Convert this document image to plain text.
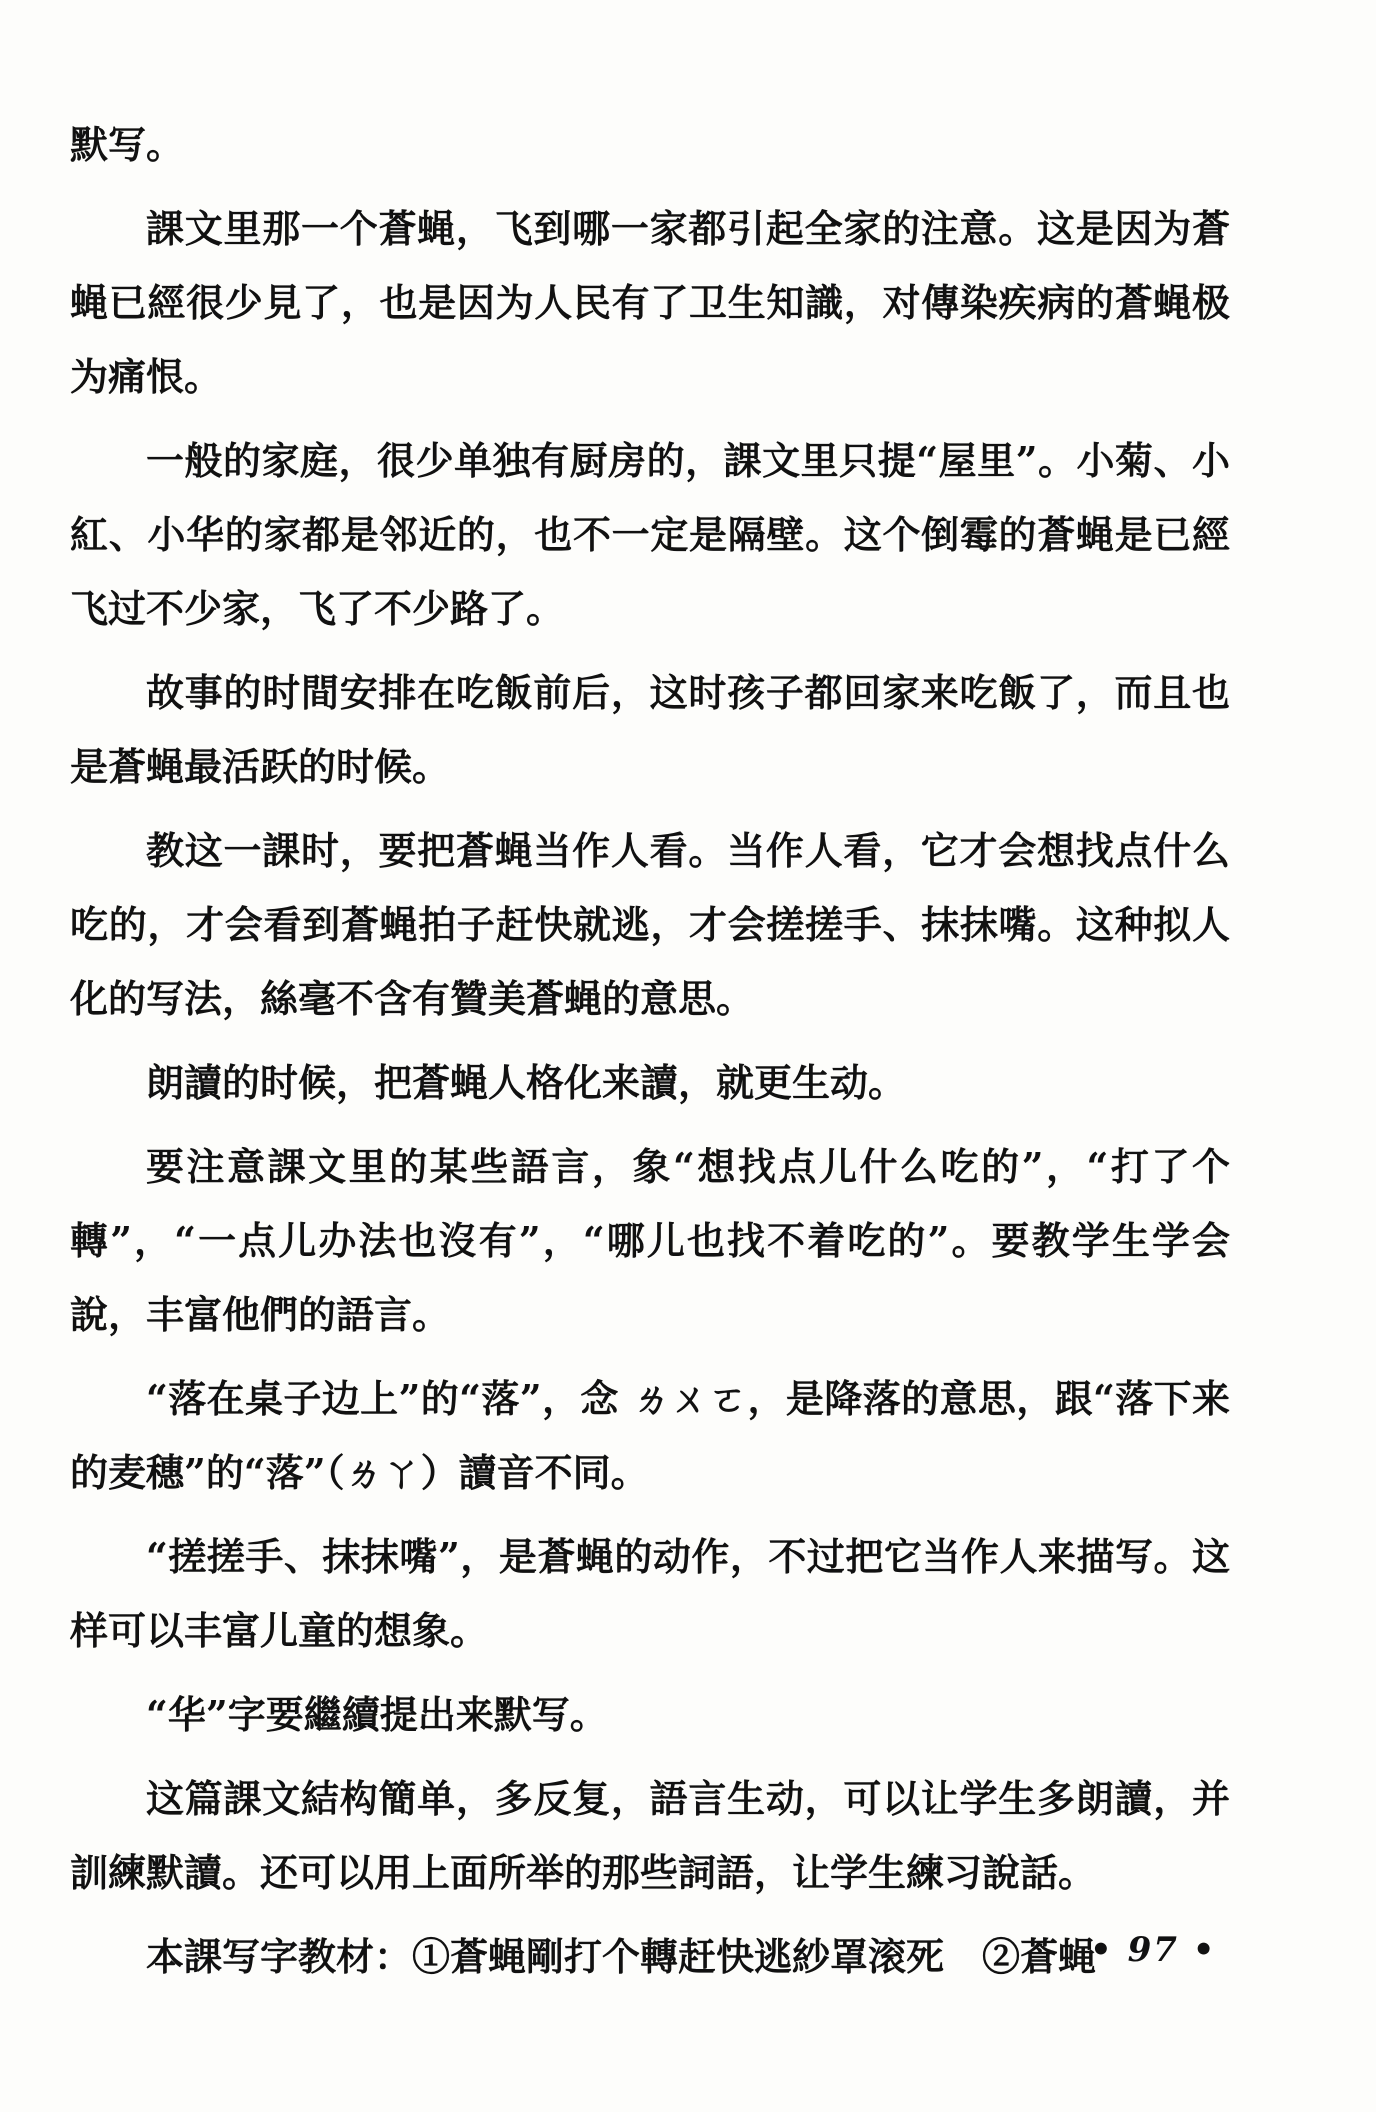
默写。

課文里那一个蒼蝇，飞到哪一家都引起全家的注意。这是因为蒼蝇已經很少見了，也是因为人民有了卫生知識，对傳染疾病的蒼蝇极为痛恨。

一般的家庭，很少单独有厨房的，課文里只提“屋里”。小菊、小紅、小华的家都是邻近的，也不一定是隔壁。这个倒霉的蒼蝇是已經飞过不少家，飞了不少路了。

故事的时間安排在吃飯前后，这时孩子都回家来吃飯了，而且也是蒼蝇最活跃的时候。

教这一課时，要把蒼蝇当作人看。当作人看，它才会想找点什么吃的，才会看到蒼蝇拍子赶快就逃，才会搓搓手、抹抹嘴。这种拟人化的写法，絲毫不含有贊美蒼蝇的意思。

朗讀的时候，把蒼蝇人格化来讀，就更生动。

要注意課文里的某些語言，象“想找点儿什么吃的”，“打了个轉”，“一点儿办法也沒有”，“哪儿也找不着吃的”。要教学生学会說，丰富他們的語言。

“落在桌子边上”的“落”，念 ㄌㄨㄛ，是降落的意思，跟“落下来的麦穗”的“落”（ㄌㄚ）讀音不同。

“搓搓手、抹抹嘴”，是蒼蝇的动作，不过把它当作人来描写。这样可以丰富儿童的想象。

“华”字要繼續提出来默写。

这篇課文結构簡单，多反复，語言生动，可以让学生多朗讀，并訓練默讀。还可以用上面所举的那些詞語，让学生練习說話。

本課写字教材：①蒼蝇剛打个轉赶快逃紗罩滚死　②蒼蝇

• 97 •
